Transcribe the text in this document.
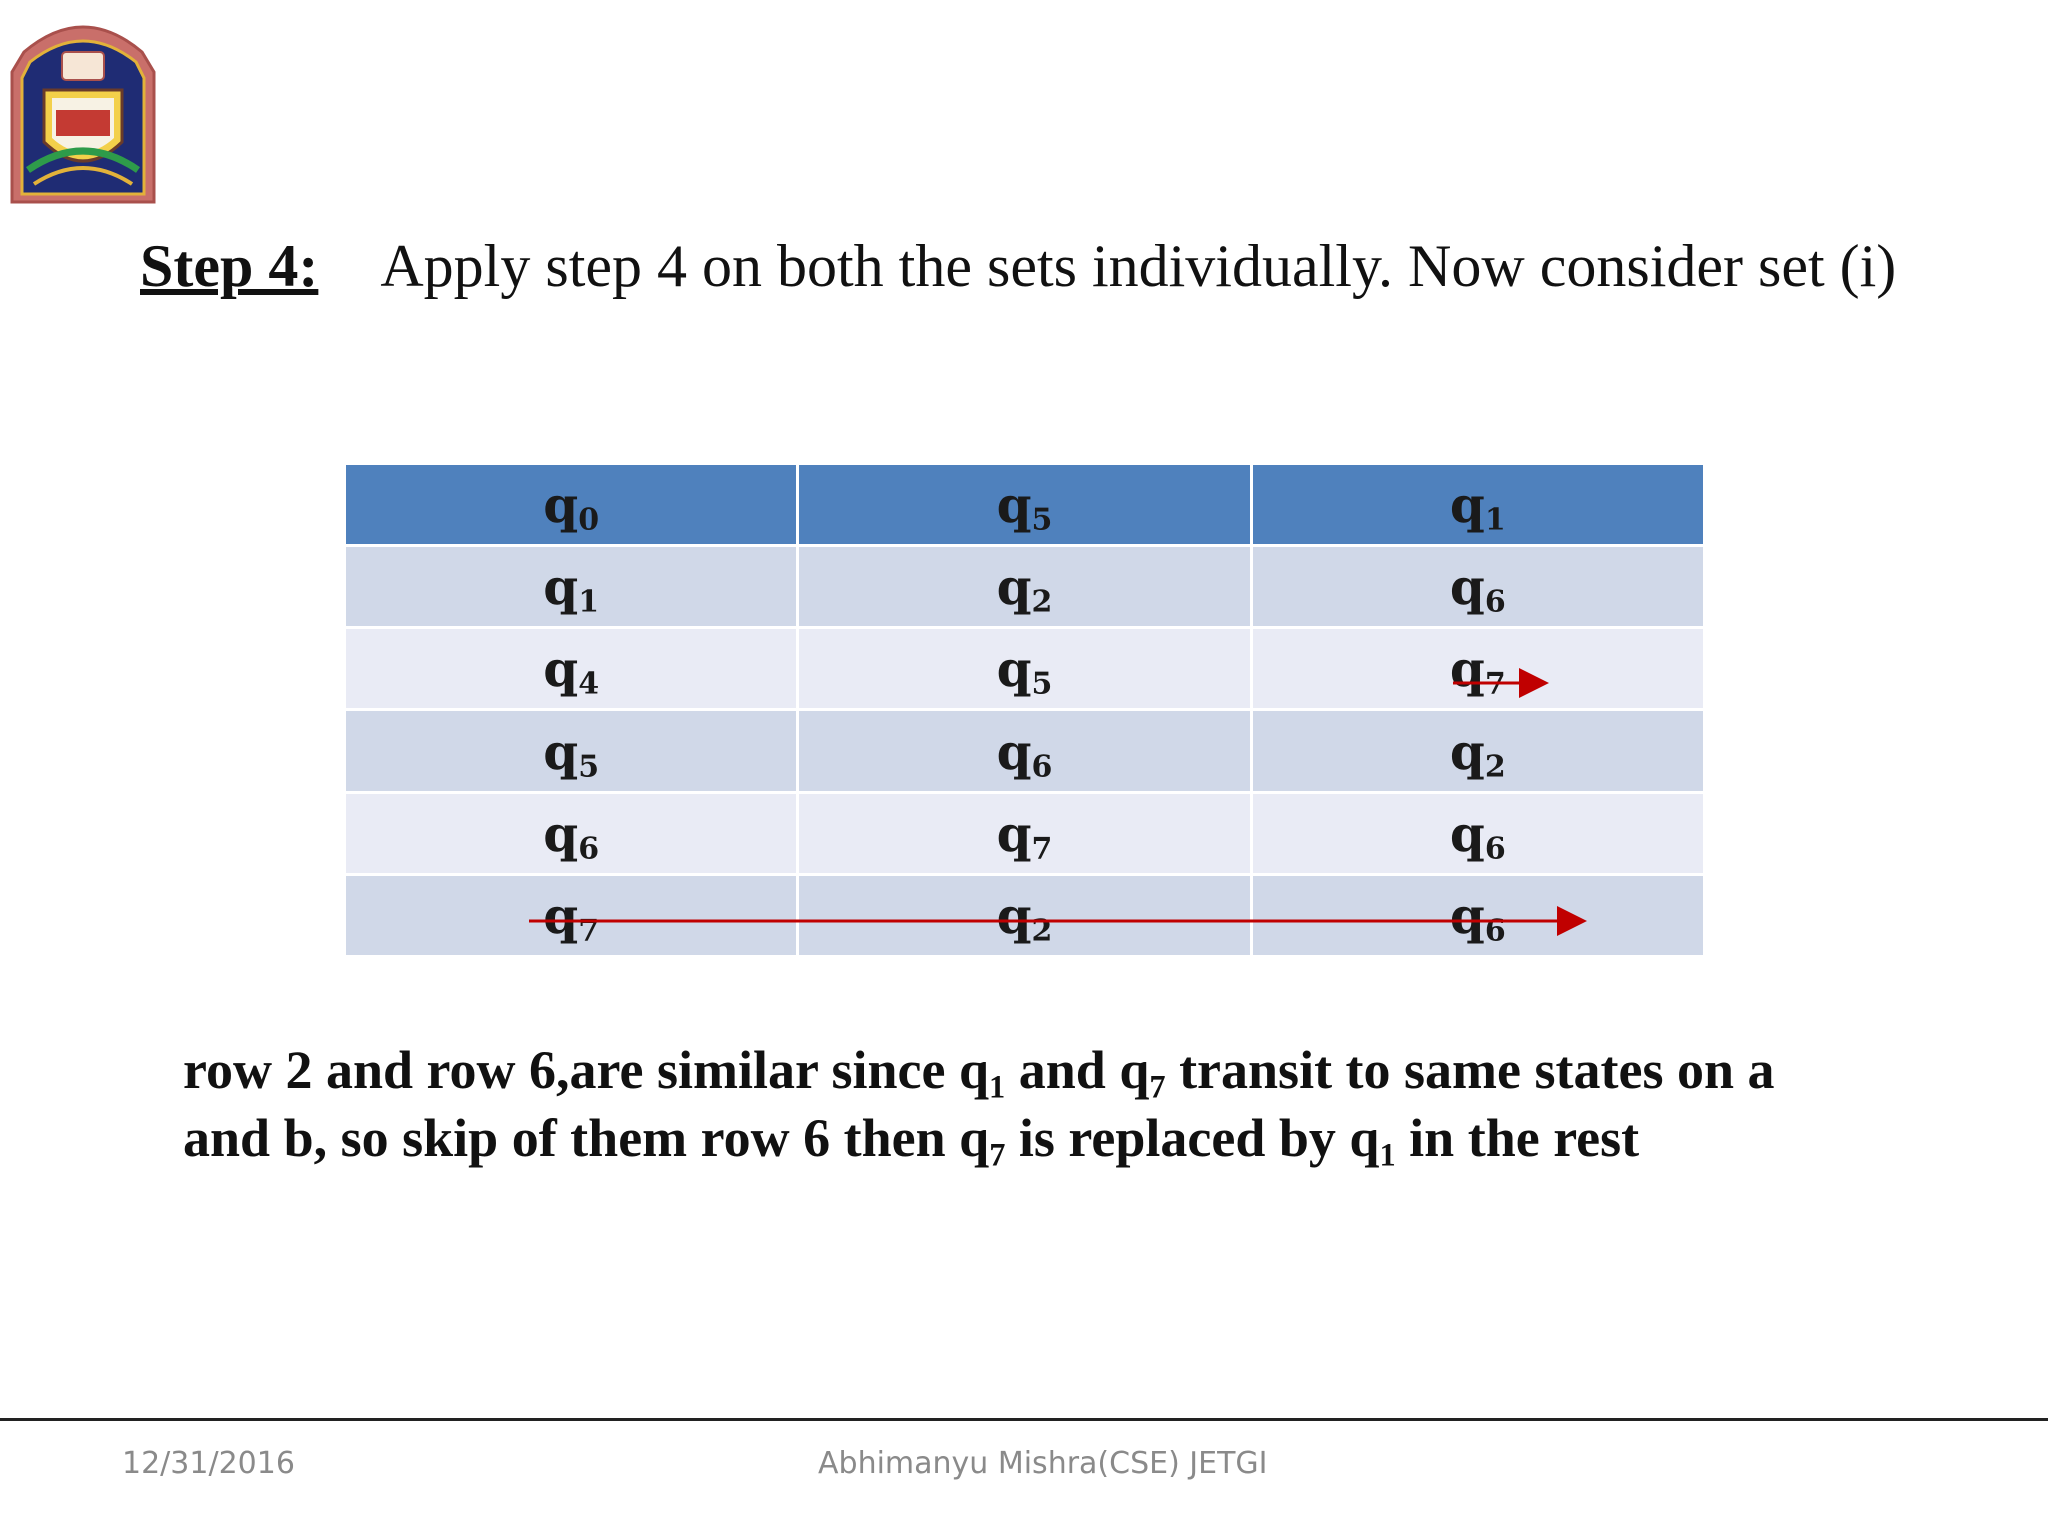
Step 4: Apply step 4 on both the sets individually. Now consider set (i)
$q_0$	$q_5$	$q_1$
$q_1$	$q_2$	$q_6$
$q_4$	$q_5$	$q_7$
$q_5$	$q_6$	$q_2$
$q_6$	$q_7$	$q_6$
$q_7$	$q_2$	$q_6$
row 2 and row 6,are similar since $q_1$ and $q_7$ transit to same states on a
and b, so skip of them row 6 then $q_7$ is replaced by $q_1$ in the rest
12/31/2016	Abhimanyu Mishra(CSE) JETGI
